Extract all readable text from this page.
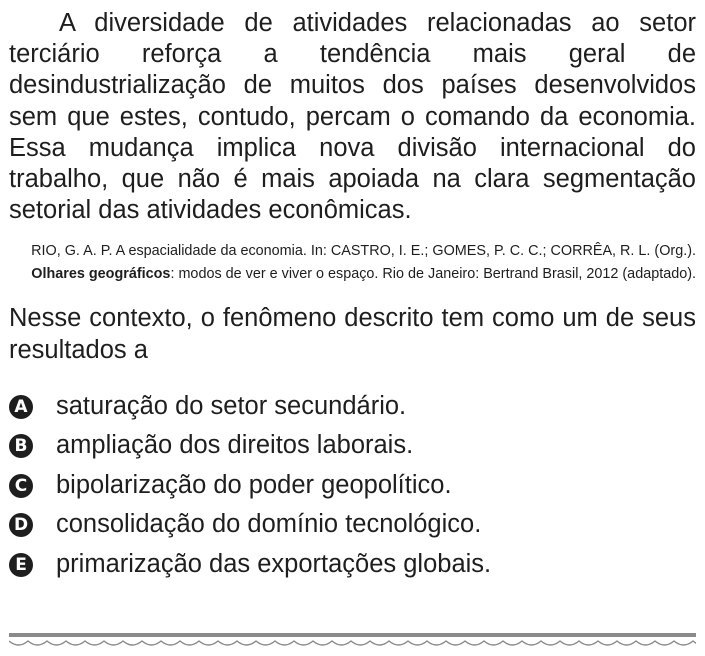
A diversidade de atividades relacionadas ao setor terciário reforça a tendência mais geral de desindustrialização de muitos dos países desenvolvidos sem que estes, contudo, percam o comando da economia. Essa mudança implica nova divisão internacional do trabalho, que não é mais apoiada na clara segmentação setorial das atividades econômicas.

RIO, G. A. P. A espacialidade da economia. In: CASTRO, I. E.; GOMES, P. C. C.; CORRÊA, R. L. (Org.). Olhares geográficos: modos de ver e viver o espaço. Rio de Janeiro: Bertrand Brasil, 2012 (adaptado).

Nesse contexto, o fenômeno descrito tem como um de seus resultados a

A saturação do setor secundário.
B ampliação dos direitos laborais.
C bipolarização do poder geopolítico.
D consolidação do domínio tecnológico.
E primarização das exportações globais.
